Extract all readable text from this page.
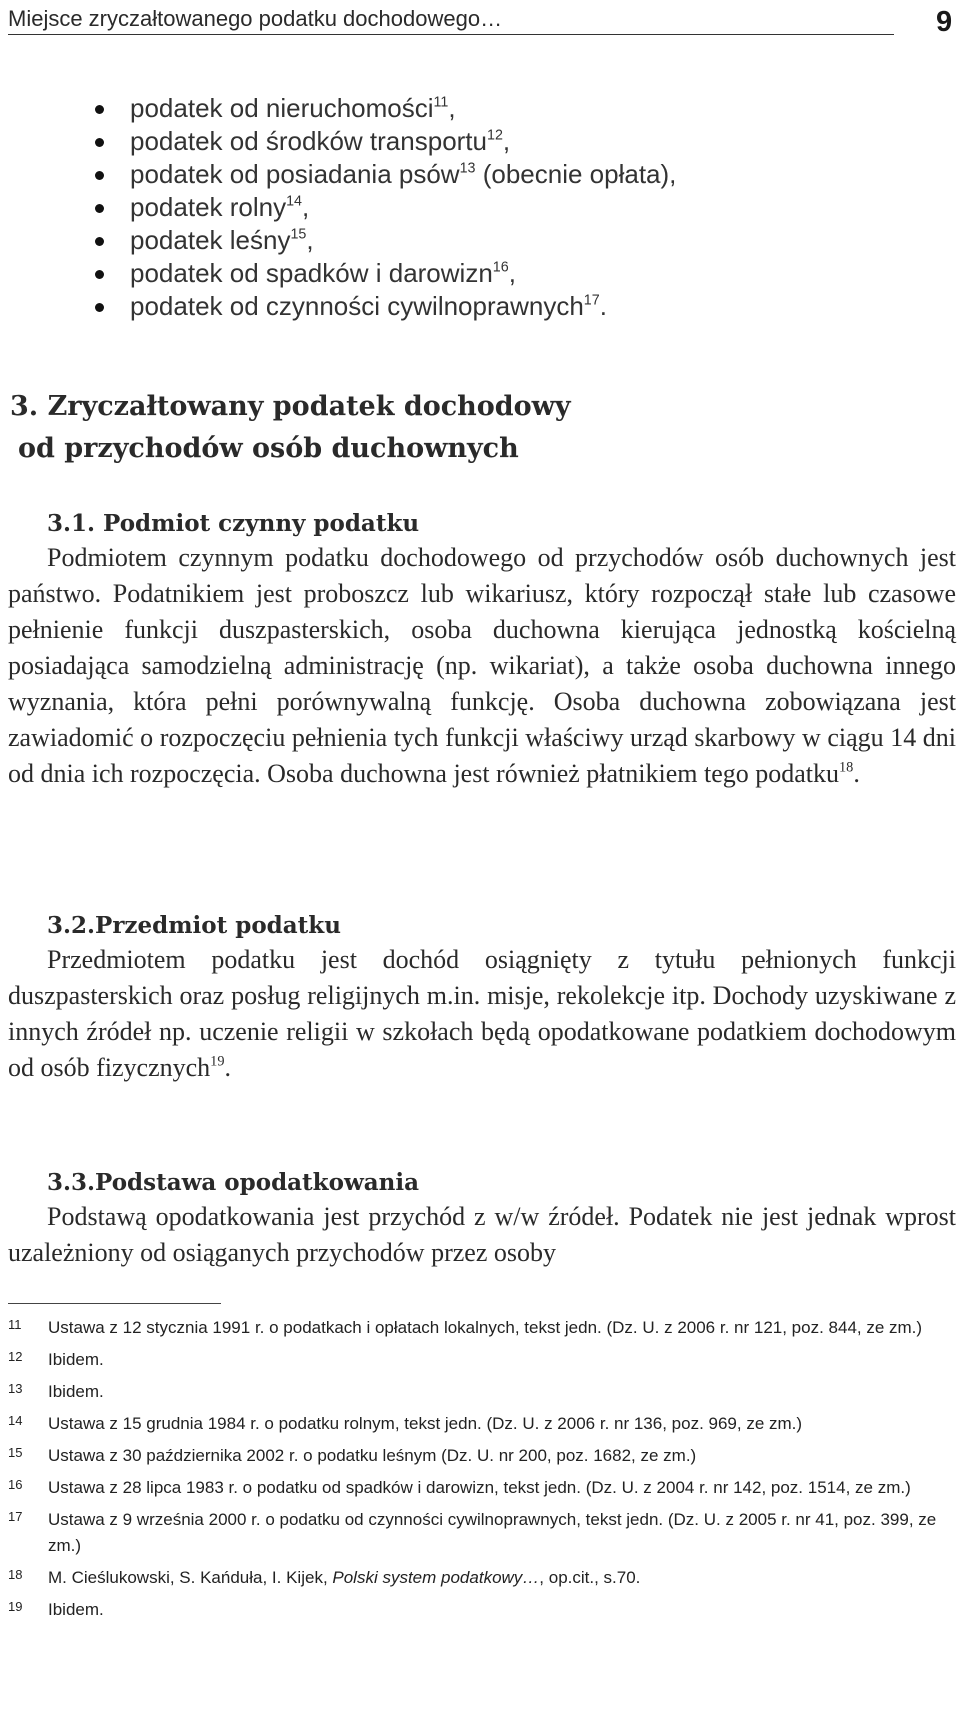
Miejsce zryczałtowanego podatku dochodowego…	9
podatek od nieruchomości$^{11}$,
podatek od środków transportu$^{12}$,
podatek od posiadania psów$^{13}$ (obecnie opłata),
podatek rolny$^{14}$,
podatek leśny$^{15}$,
podatek od spadków i darowizn$^{16}$,
podatek od czynności cywilnoprawnych$^{17}$.
3. Zryczałtowany podatek dochodowy
od przychodów osób duchownych
3.1. Podmiot czynny podatku
Podmiotem czynnym podatku dochodowego od przychodów osób duchownych jest państwo. Podatnikiem jest proboszcz lub wikariusz, który rozpoczął stałe lub czasowe pełnienie funkcji duszpasterskich, osoba duchowna kierująca jednostką kościelną posiadająca samodzielną administrację (np. wikariat), a także osoba duchowna innego wyznania, która pełni porównywalną funkcję. Osoba duchowna zobowiązana jest zawiadomić o rozpoczęciu pełnienia tych funkcji właściwy urząd skarbowy w ciągu 14 dni od dnia ich rozpoczęcia. Osoba duchowna jest również płatnikiem tego podatku$^{18}$.
3.2.Przedmiot podatku
Przedmiotem podatku jest dochód osiągnięty z tytułu pełnionych funkcji duszpasterskich oraz posług religijnych m.in. misje, rekolekcje itp. Dochody uzyskiwane z innych źródeł np. uczenie religii w szkołach będą opodatkowane podatkiem dochodowym od osób fizycznych$^{19}$.
3.3.Podstawa opodatkowania
Podstawą opodatkowania jest przychód z w/w źródeł. Podatek nie jest jednak wprost uzależniony od osiąganych przychodów przez osoby
11 Ustawa z 12 stycznia 1991 r. o podatkach i opłatach lokalnych, tekst jedn. (Dz. U. z 2006 r. nr 121, poz. 844, ze zm.)
12 Ibidem.
13 Ibidem.
14 Ustawa z 15 grudnia 1984 r. o podatku rolnym, tekst jedn. (Dz. U. z 2006 r. nr 136, poz. 969, ze zm.)
15 Ustawa z 30 października 2002 r. o podatku leśnym (Dz. U. nr 200, poz. 1682, ze zm.)
16 Ustawa z 28 lipca 1983 r. o podatku od spadków i darowizn, tekst jedn. (Dz. U. z 2004 r. nr 142, poz. 1514, ze zm.)
17 Ustawa z 9 września 2000 r. o podatku od czynności cywilnoprawnych, tekst jedn. (Dz. U. z 2005 r. nr 41, poz. 399, ze zm.)
18 M. Cieślukowski, S. Kańduła, I. Kijek, Polski system podatkowy…, op.cit., s.70.
19 Ibidem.
